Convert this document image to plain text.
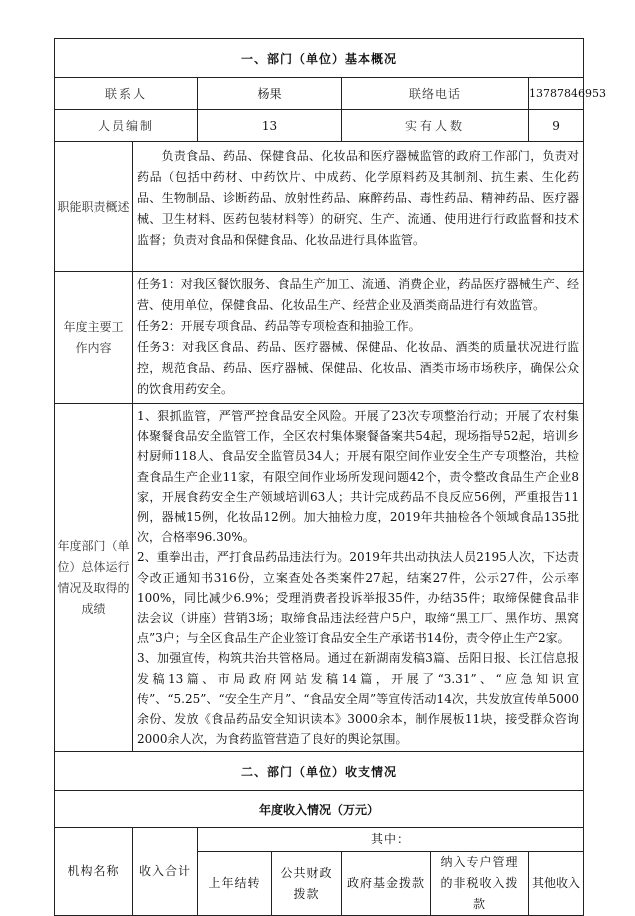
一、部门（单位）基本概况						
联系人		杨果		联络电话		13787846953
人员编制		13		实有人数		9
职能职责概述	　　负责食品、药品、保健食品、化妆品和医疗器械监管的政府工作部门，负责对药品（包括中药材、中药饮片、中成药、化学原料药及其制剂、抗生素、生化药品、生物制品、诊断药品、放射性药品、麻醉药品、毒性药品、精神药品、医疗器械、卫生材料、医药包装材料等）的研究、生产、流通、使用进行行政监督和技术监督；负责对食品和保健食品、化妆品进行具体监管。					
年度主要工作内容	任务1：对我区餐饮服务、食品生产加工、流通、消费企业，药品医疗器械生产、经营、使用单位，保健食品、化妆品生产、经营企业及酒类商品进行有效监管。
任务2：开展专项食品、药品等专项检查和抽验工作。
任务3：对我区食品、药品、医疗器械、保健品、化妆品、酒类的质量状况进行监控，规范食品、药品、医疗器械、保健品、化妆品、酒类市场市场秩序，确保公众的饮食用药安全。					
年度部门（单位）总体运行情况及取得的成绩	1、狠抓监管，严管严控食品安全风险。开展了23次专项整治行动；开展了农村集体聚餐食品安全监管工作，全区农村集体聚餐备案共54起，现场指导52起，培训乡村厨师118人、食品安全监管员34人；开展有限空间作业安全生产专项整治，共检查食品生产企业11家，有限空间作业场所发现问题42个，责令整改食品生产企业8家，开展食药安全生产领域培训63人；共计完成药品不良反应56例，严重报告11例，器械15例，化妆品12例。加大抽检力度，2019年共抽检各个领域食品135批次，合格率96.30%。
2、重拳出击，严打食品药品违法行为。2019年共出动执法人员2195人次，下达责令改正通知书316份，立案查处各类案件27起，结案27件，公示27件，公示率100%，同比减少6.9%；受理消费者投诉举报35件，办结35件；取缔保健食品非法会议（讲座）营销3场；取缔食品违法经营户5户，取缔“黑工厂、黑作坊、黑窝点”3户；与全区食品生产企业签订食品安全生产承诺书14份，责令停止生产2家。
3、加强宣传，构筑共治共管格局。通过在新湖南发稿3篇、岳阳日报、长江信息报发稿13篇、市局政府网站发稿14篇，开展了“3.31”、“应急知识宣传”、“5.25”、“安全生产月”、“食品安全周”等宣传活动14次，共发放宣传单5000余份、发放《食品药品安全知识读本》3000余本，制作展板11块，接受群众咨询2000余人次，为食药监管营造了良好的舆论氛围。					
二、部门（单位）收支情况						
年度收入情况（万元）						
机构名称	收入合计	其中：				
		上年结转	公共财政拨款	政府基金拨款	纳入专户管理的非税收入拨款	其他收入
